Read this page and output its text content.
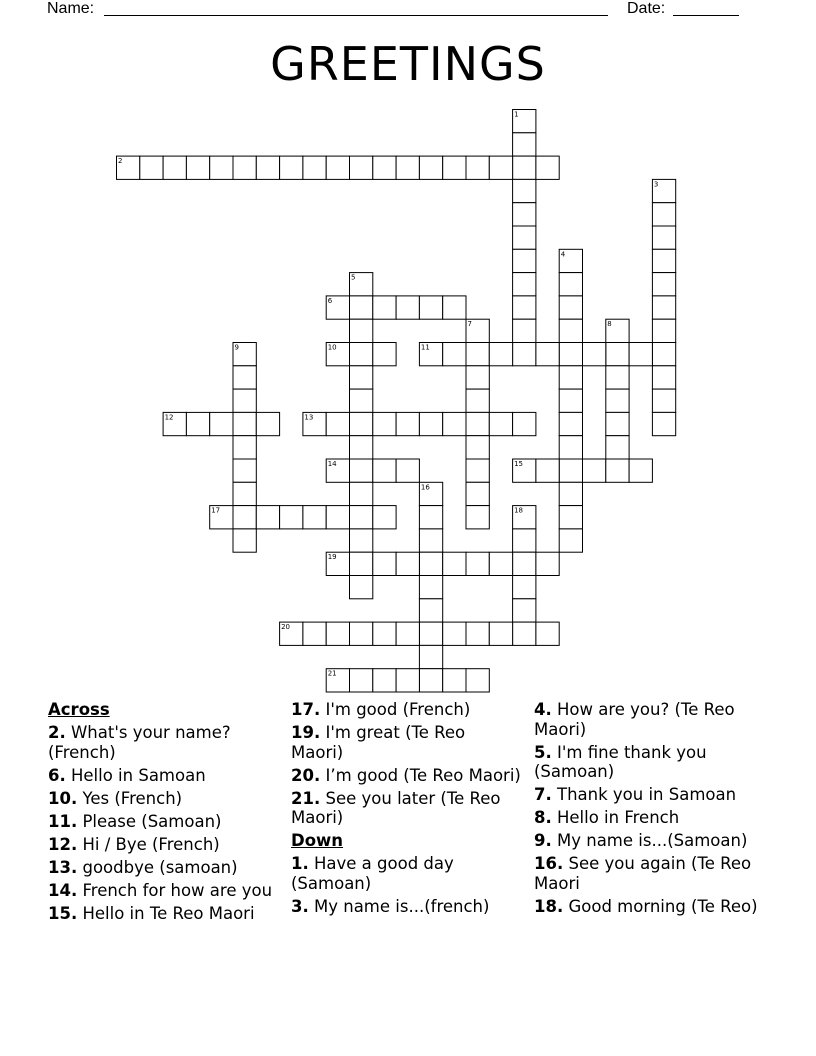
Name:	Date:
GREETINGS
1
2
3
4
5
6
7	8
9	10	11
12	13
14	15
16
17	18
19
20
21
Across
2. What's your name? (French)
6. Hello in Samoan
10. Yes (French)
11. Please (Samoan)
12. Hi / Bye (French)
13. goodbye (samoan)
14. French for how are you
15. Hello in Te Reo Maori
17. I'm good (French)
19. I'm great (Te Reo Maori)
20. I’m good (Te Reo Maori)
21. See you later (Te Reo Maori)
Down
1. Have a good day (Samoan)
3. My name is...(french)
4. How are you? (Te Reo Maori)
5. I'm fine thank you (Samoan)
7. Thank you in Samoan
8. Hello in French
9. My name is...(Samoan)
16. See you again (Te Reo Maori
18. Good morning (Te Reo)
